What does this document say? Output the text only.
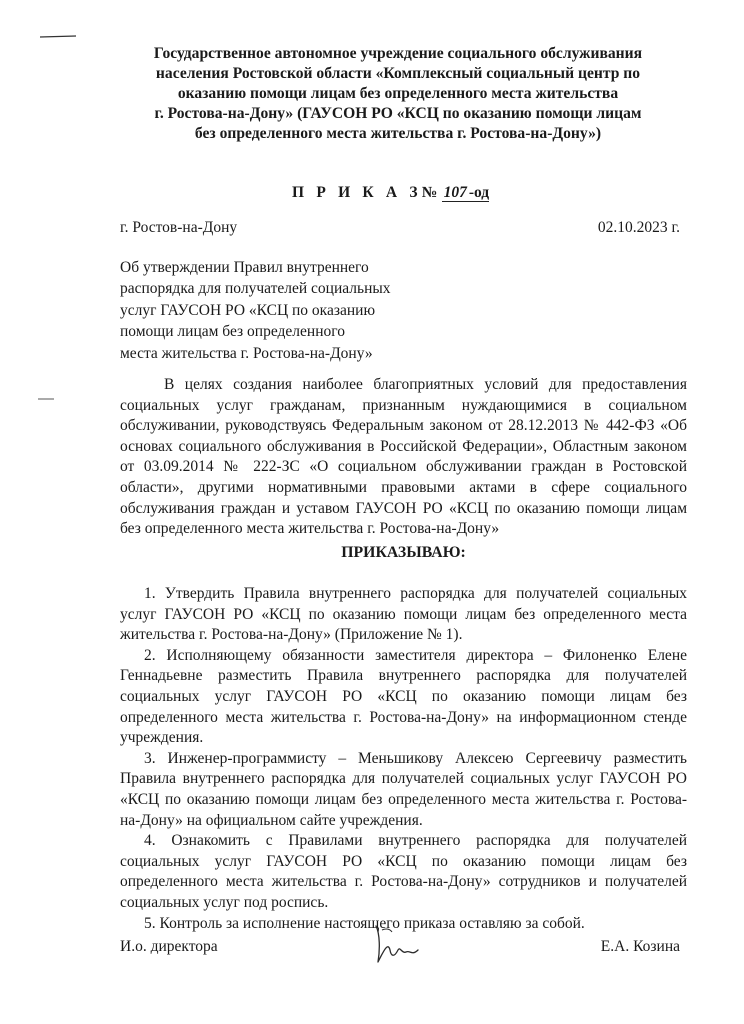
Государственное автономное учреждение социального обслуживания
населения Ростовской области «Комплексный социальный центр по
оказанию помощи лицам без определенного места жительства
г. Ростова-на-Дону» (ГАУСОН РО «КСЦ по оказанию помощи лицам
без определенного места жительства г. Ростова-на-Дону»)
П Р И К А З№ 107 -од
г. Ростов-на-Дону	02.10.2023 г.
Об утверждении Правил внутреннего
распорядка для получателей социальных
услуг ГАУСОН РО «КСЦ по оказанию
помощи лицам без определенного
места жительства г. Ростова-на-Дону»
В целях создания наиболее благоприятных условий для предоставления социальных услуг гражданам, признанным нуждающимися в социальном обслуживании, руководствуясь Федеральным законом от 28.12.2013 № 442-ФЗ «Об основах социального обслуживания в Российской Федерации», Областным законом от 03.09.2014 № 222-ЗС «О социальном обслуживании граждан в Ростовской области», другими нормативными правовыми актами в сфере социального обслуживания граждан и уставом ГАУСОН РО «КСЦ по оказанию помощи лицам без определенного места жительства г. Ростова-на-Дону»
ПРИКАЗЫВАЮ:

1. Утвердить Правила внутреннего распорядка для получателей социальных услуг ГАУСОН РО «КСЦ по оказанию помощи лицам без определенного места жительства г. Ростова-на-Дону» (Приложение № 1).

2. Исполняющему обязанности заместителя директора – Филоненко Елене Геннадьевне разместить Правила внутреннего распорядка для получателей социальных услуг ГАУСОН РО «КСЦ по оказанию помощи лицам без определенного места жительства г. Ростова-на-Дону» на информационном стенде учреждения.

3. Инженер-программисту – Меньшикову Алексею Сергеевичу разместить Правила внутреннего распорядка для получателей социальных услуг ГАУСОН РО «КСЦ по оказанию помощи лицам без определенного места жительства г. Ростова-на-Дону» на официальном сайте учреждения.

4. Ознакомить с Правилами внутреннего распорядка для получателей социальных услуг ГАУСОН РО «КСЦ по оказанию помощи лицам без определенного места жительства г. Ростова-на-Дону» сотрудников и получателей социальных услуг под роспись.

5. Контроль за исполнение настоящего приказа оставляю за собой.

И.о. директора	Е.А. Козина
